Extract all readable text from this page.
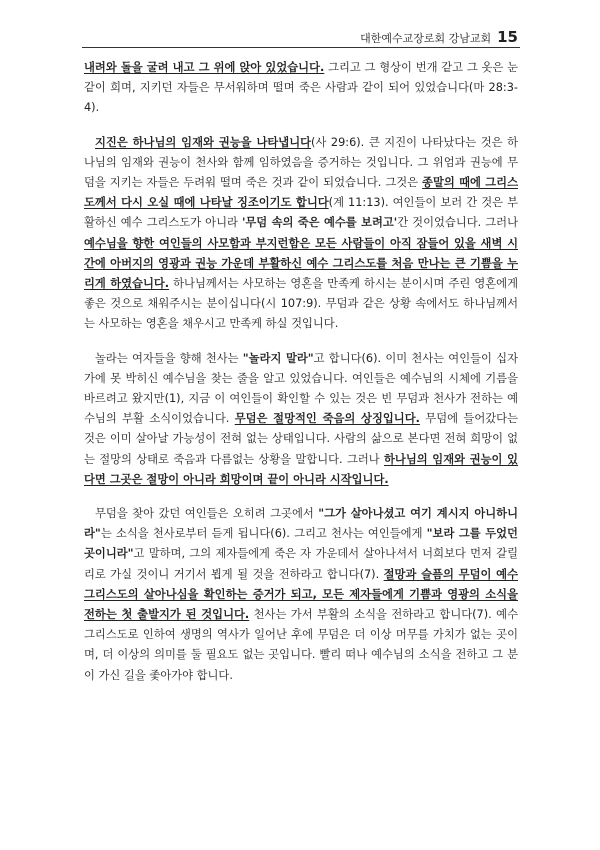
대한예수교장로회 강남교회 15

내려와 돌을 굴려 내고 그 위에 앉아 있었습니다. 그리고 그 형상이 번개 같고 그 옷은 눈 같이 희며, 지키던 자들은 무서워하며 떨며 죽은 사람과 같이 되어 있었습니다(마 28:3-4).

지진은 하나님의 임재와 권능을 나타냅니다(사 29:6). 큰 지진이 나타났다는 것은 하나님의 임재와 권능이 천사와 함께 임하였음을 증거하는 것입니다. 그 위엄과 권능에 무덤을 지키는 자들은 두려워 떨며 죽은 것과 같이 되었습니다. 그것은 종말의 때에 그리스도께서 다시 오실 때에 나타날 징조이기도 합니다(계 11:13). 여인들이 보러 간 것은 부활하신 예수 그리스도가 아니라 '무덤 속의 죽은 예수를 보려고'간 것이었습니다. 그러나 예수님을 향한 여인들의 사모함과 부지런함은 모든 사람들이 아직 잠들어 있을 새벽 시간에 아버지의 영광과 권능 가운데 부활하신 예수 그리스도를 처음 만나는 큰 기쁨을 누리게 하였습니다. 하나님께서는 사모하는 영혼을 만족케 하시는 분이시며 주린 영혼에게 좋은 것으로 채워주시는 분이십니다(시 107:9). 무덤과 같은 상황 속에서도 하나님께서는 사모하는 영혼을 채우시고 만족케 하실 것입니다.

놀라는 여자들을 향해 천사는 "놀라지 말라"고 합니다(6). 이미 천사는 여인들이 십자가에 못 박히신 예수님을 찾는 줄을 알고 있었습니다. 여인들은 예수님의 시체에 기름을 바르려고 왔지만(1), 지금 이 여인들이 확인할 수 있는 것은 빈 무덤과 천사가 전하는 예수님의 부활 소식이었습니다. 무덤은 절망적인 죽음의 상징입니다. 무덤에 들어갔다는 것은 이미 살아날 가능성이 전혀 없는 상태입니다. 사람의 삶으로 본다면 전혀 희망이 없는 절망의 상태로 죽음과 다름없는 상황을 말합니다. 그러나 하나님의 임재와 권능이 있다면 그곳은 절망이 아니라 희망이며 끝이 아니라 시작입니다.

무덤을 찾아 갔던 여인들은 오히려 그곳에서 "그가 살아나셨고 여기 계시지 아니하니라"는 소식을 천사로부터 듣게 됩니다(6). 그리고 천사는 여인들에게 "보라 그를 두었던 곳이니라"고 말하며, 그의 제자들에게 죽은 자 가운데서 살아나셔서 너희보다 먼저 갈릴리로 가실 것이니 거기서 뵙게 될 것을 전하라고 합니다(7). 절망과 슬픔의 무덤이 예수 그리스도의 살아나심을 확인하는 증거가 되고, 모든 제자들에게 기쁨과 영광의 소식을 전하는 첫 출발지가 된 것입니다. 천사는 가서 부활의 소식을 전하라고 합니다(7). 예수 그리스도로 인하여 생명의 역사가 일어난 후에 무덤은 더 이상 머무를 가치가 없는 곳이며, 더 이상의 의미를 둘 필요도 없는 곳입니다. 빨리 떠나 예수님의 소식을 전하고 그 분이 가신 길을 좇아가야 합니다.
